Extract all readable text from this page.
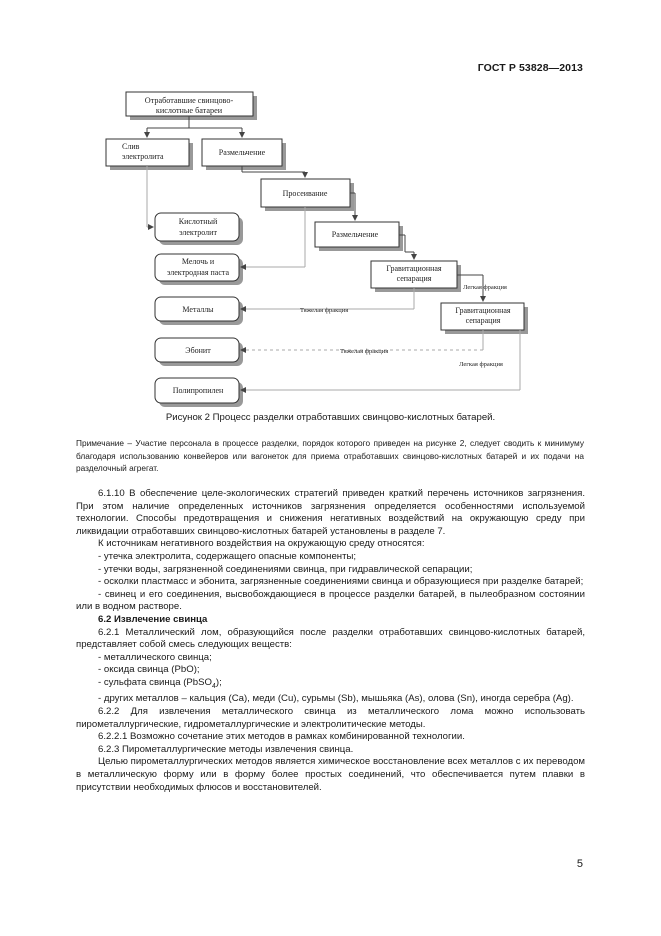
ГОСТ Р 53828—2013
Отработавшие свинцово-
кислотные батареи
Слив
электролита	Размельчение
Просеивание
Размельчение
Гравитационная
сепарация
Гравитационная
сепарация
Кислотный
электролит
Мелочь и
электродная паста
Металлы
Эбонит
Полипропилен
Легкая фракция
Тяжелая фракция
Тяжелая фракция
Легкая фракция
Рисунок 2 Процесс разделки отработавших свинцово-кислотных батарей.
Примечание – Участие персонала в процессе разделки, порядок которого приведен на рисунке 2, следует сводить к минимуму благодаря использованию конвейеров или вагонеток для приема отработавших свинцово-кислотных батарей и их подачи на разделочный агрегат.

6.1.10 В обеспечение целе-экологических стратегий приведен краткий перечень источников загрязнения. При этом наличие определенных источников загрязнения определяется особенностями используемой технологии. Способы предотвращения и снижения негативных воздействий на окружающую среду при ликвидации отработавших свинцово-кислотных батарей установлены в разделе 7.

К источникам негативного воздействия на окружающую среду относятся:

- утечка электролита, содержащего опасные компоненты;

- утечки воды, загрязненной соединениями свинца, при гидравлической сепарации;

- осколки пластмасс и эбонита, загрязненные соединениями свинца и образующиеся при разделке батарей;

- свинец и его соединения, высвобождающиеся в процессе разделки батарей, в пылеобразном состоянии или в водном растворе.

6.2 Извлечение свинца

6.2.1 Металлический лом, образующийся после разделки отработавших свинцово-кислотных батарей, представляет собой смесь следующих веществ:

- металлического свинца;

- оксида свинца (PbO);

- сульфата свинца (PbSO$_4$);

- других металлов – кальция (Ca), меди (Cu), сурьмы (Sb), мышьяка (As), олова (Sn), иногда серебра (Ag).

6.2.2 Для извлечения металлического свинца из металлического лома можно использовать пирометаллургические, гидрометаллургические и электролитические методы.

6.2.2.1 Возможно сочетание этих методов в рамках комбинированной технологии.

6.2.3 Пирометаллургические методы извлечения свинца.

Целью пирометаллургических методов является химическое восстановление всех металлов с их переводом в металлическую форму или в форму более простых соединений, что обеспечивается путем плавки в присутствии необходимых флюсов и восстановителей.

5
